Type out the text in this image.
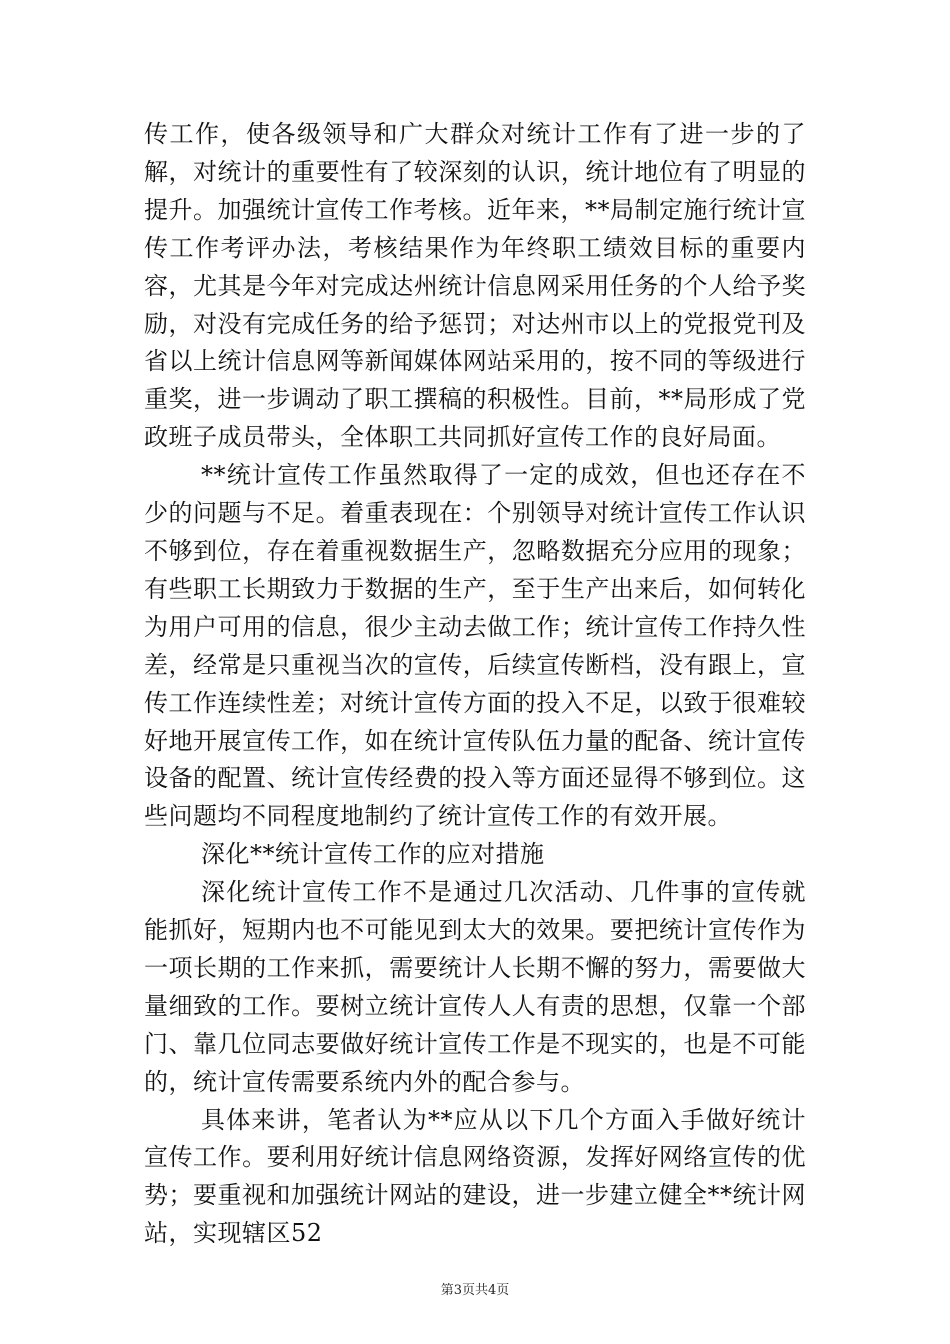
传工作，使各级领导和广大群众对统计工作有了进一步的了解，对统计的重要性有了较深刻的认识，统计地位有了明显的提升。加强统计宣传工作考核。近年来，**局制定施行统计宣传工作考评办法，考核结果作为年终职工绩效目标的重要内容，尤其是今年对完成达州统计信息网采用任务的个人给予奖励，对没有完成任务的给予惩罚；对达州市以上的党报党刊及省以上统计信息网等新闻媒体网站采用的，按不同的等级进行重奖，进一步调动了职工撰稿的积极性。目前，**局形成了党政班子成员带头，全体职工共同抓好宣传工作的良好局面。

**统计宣传工作虽然取得了一定的成效，但也还存在不少的问题与不足。着重表现在：个别领导对统计宣传工作认识不够到位，存在着重视数据生产，忽略数据充分应用的现象；有些职工长期致力于数据的生产，至于生产出来后，如何转化为用户可用的信息，很少主动去做工作；统计宣传工作持久性差，经常是只重视当次的宣传，后续宣传断档，没有跟上，宣传工作连续性差；对统计宣传方面的投入不足，以致于很难较好地开展宣传工作，如在统计宣传队伍力量的配备、统计宣传设备的配置、统计宣传经费的投入等方面还显得不够到位。这些问题均不同程度地制约了统计宣传工作的有效开展。

深化**统计宣传工作的应对措施

深化统计宣传工作不是通过几次活动、几件事的宣传就能抓好，短期内也不可能见到太大的效果。要把统计宣传作为一项长期的工作来抓，需要统计人长期不懈的努力，需要做大量细致的工作。要树立统计宣传人人有责的思想，仅靠一个部门、靠几位同志要做好统计宣传工作是不现实的，也是不可能的，统计宣传需要系统内外的配合参与。

具体来讲，笔者认为**应从以下几个方面入手做好统计宣传工作。要利用好统计信息网络资源，发挥好网络宣传的优势；要重视和加强统计网站的建设，进一步建立健全**统计网站，实现辖区52

第3页共4页
